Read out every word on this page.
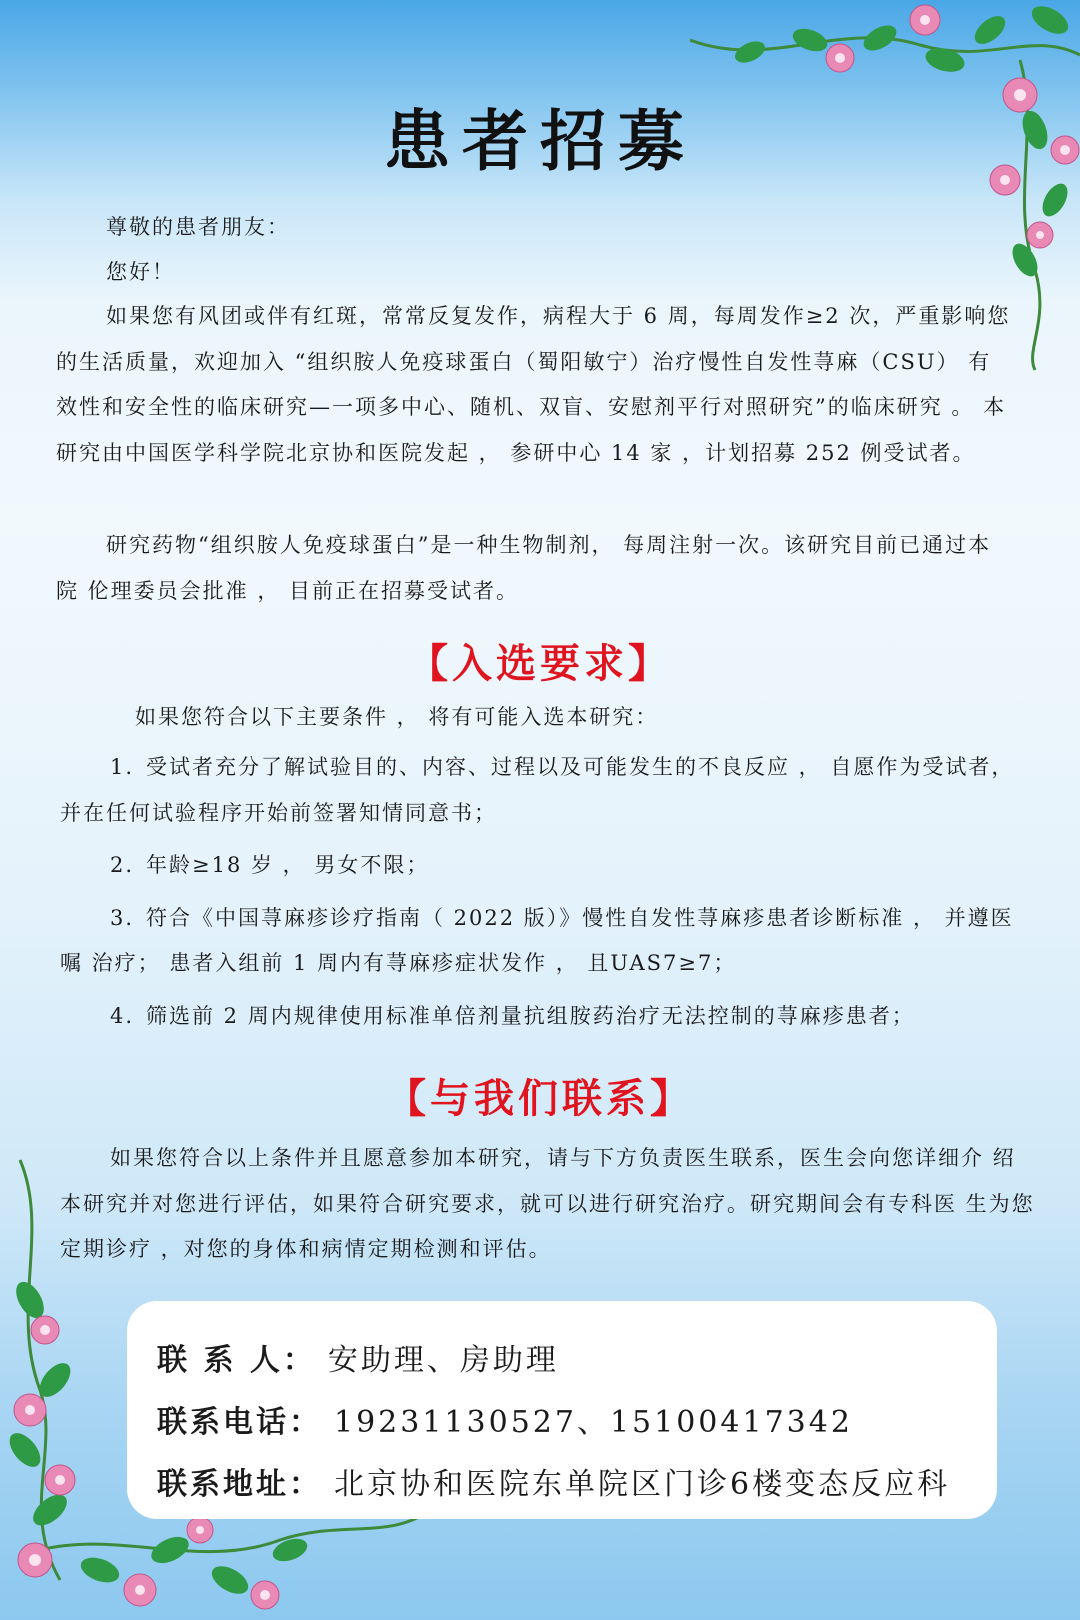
患者招募
尊敬的患者朋友：
您好！
如果您有风团或伴有红斑，常常反复发作，病程大于 6 周，每周发作≥2 次，严重影响您的生活质量，欢迎加入 “组织胺人免疫球蛋白（蜀阳敏宁）治疗慢性自发性荨麻（CSU） 有效性和安全性的临床研究—一项多中心、随机、双盲、安慰剂平行对照研究”的临床研究 。 本研究由中国医学科学院北京协和医院发起 ， 参研中心 14 家 ，计划招募 252 例受试者。
研究药物“组织胺人免疫球蛋白”是一种生物制剂， 每周注射一次。该研究目前已通过本院 伦理委员会批准 ， 目前正在招募受试者。
【入选要求】
如果您符合以下主要条件 ， 将有可能入选本研究：
1. 受试者充分了解试验目的、内容、过程以及可能发生的不良反应 ， 自愿作为受试者，并在任何试验程序开始前签署知情同意书；
2. 年龄≥18 岁 ， 男女不限；
3. 符合《中国荨麻疹诊疗指南（ 2022 版）》慢性自发性荨麻疹患者诊断标准 ， 并遵医嘱 治疗； 患者入组前 1 周内有荨麻疹症状发作 ， 且UAS7≥7；
4. 筛选前 2 周内规律使用标准单倍剂量抗组胺药治疗无法控制的荨麻疹患者；
【与我们联系】
如果您符合以上条件并且愿意参加本研究，请与下方负责医生联系，医生会向您详细介 绍本研究并对您进行评估，如果符合研究要求，就可以进行研究治疗。研究期间会有专科医 生为您定期诊疗 ，对您的身体和病情定期检测和评估。
联 系 人： 安助理、房助理
联系电话： 19231130527、15100417342
联系地址： 北京协和医院东单院区门诊6楼变态反应科
